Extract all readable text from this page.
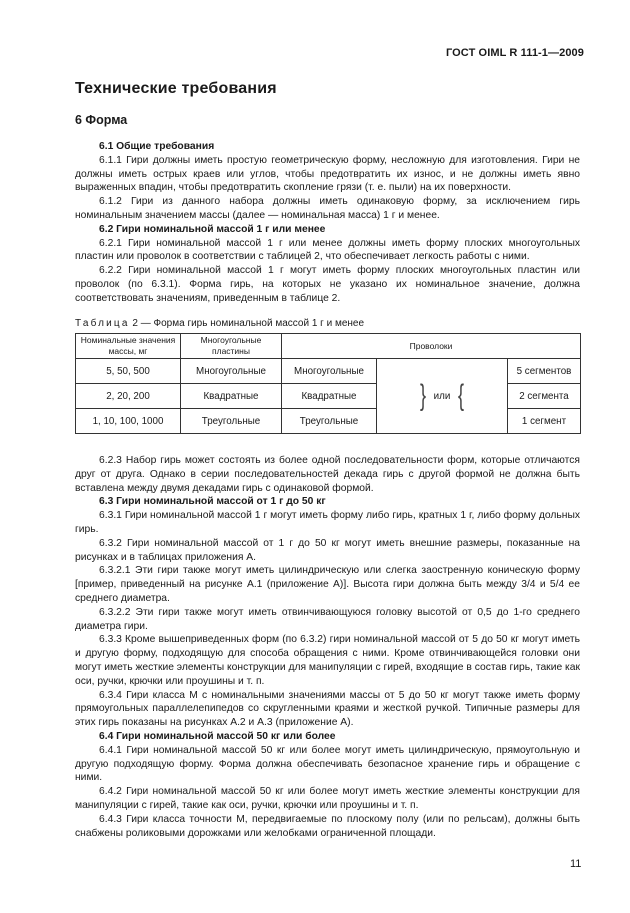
ГОСТ OIML R 111-1—2009
Технические требования
6 Форма

6.1 Общие требования

6.1.1 Гири должны иметь простую геометрическую форму, несложную для изготовления. Гири не должны иметь острых краев или углов, чтобы предотвратить их износ, и не должны иметь явно выраженных впадин, чтобы предотвратить скопление грязи (т. е. пыли) на их поверхности.

6.1.2 Гири из данного набора должны иметь одинаковую форму, за исключением гирь номинальным значением массы (далее — номинальная масса) 1 г и менее.

6.2 Гири номинальной массой 1 г или менее

6.2.1 Гири номинальной массой 1 г или менее должны иметь форму плоских многоугольных пластин или проволок в соответствии с таблицей 2, что обеспечивает легкость работы с ними.

6.2.2 Гири номинальной массой 1 г могут иметь форму плоских многоугольных пластин или проволок (по 6.3.1). Форма гирь, на которых не указано их номинальное значение, должна соответствовать значениям, приведенным в таблице 2.

Таблица 2 — Форма гирь номинальной массой 1 г и менее
Номинальные значения массы, мг	Многоугольные пластины	Проволоки		
5, 50, 500	Многоугольные	Многоугольные	} или {	5 сегментов
2, 20, 200	Квадратные	Квадратные		2 сегмента
1, 10, 100, 1000	Треугольные	Треугольные		1 сегмент

6.2.3 Набор гирь может состоять из более одной последовательности форм, которые отличаются друг от друга. Однако в серии последовательностей декада гирь с другой формой не должна быть вставлена между двумя декадами гирь с одинаковой формой.

6.3 Гири номинальной массой от 1 г до 50 кг

6.3.1 Гири номинальной массой 1 г могут иметь форму либо гирь, кратных 1 г, либо форму дольных гирь.

6.3.2 Гири номинальной массой от 1 г до 50 кг могут иметь внешние размеры, показанные на рисунках и в таблицах приложения А.

6.3.2.1 Эти гири также могут иметь цилиндрическую или слегка заостренную коническую форму [пример, приведенный на рисунке А.1 (приложение А)]. Высота гири должна быть между 3/4 и 5/4 ее среднего диаметра.

6.3.2.2 Эти гири также могут иметь отвинчивающуюся головку высотой от 0,5 до 1-го среднего диаметра гири.

6.3.3 Кроме вышеприведенных форм (по 6.3.2) гири номинальной массой от 5 до 50 кг могут иметь и другую форму, подходящую для способа обращения с ними. Кроме отвинчивающейся головки они могут иметь жесткие элементы конструкции для манипуляции с гирей, входящие в состав гирь, такие как оси, ручки, крючки или проушины и т. п.

6.3.4 Гири класса М с номинальными значениями массы от 5 до 50 кг могут также иметь форму прямоугольных параллелепипедов со скругленными краями и жесткой ручкой. Типичные размеры для этих гирь показаны на рисунках А.2 и А.3 (приложение А).

6.4 Гири номинальной массой 50 кг или более

6.4.1 Гири номинальной массой 50 кг или более могут иметь цилиндрическую, прямоугольную и другую подходящую форму. Форма должна обеспечивать безопасное хранение гирь и обращение с ними.

6.4.2 Гири номинальной массой 50 кг или более могут иметь жесткие элементы конструкции для манипуляции с гирей, такие как оси, ручки, крючки или проушины и т. п.

6.4.3 Гири класса точности М, передвигаемые по плоскому полу (или по рельсам), должны быть снабжены роликовыми дорожками или желобками ограниченной площади.

11
